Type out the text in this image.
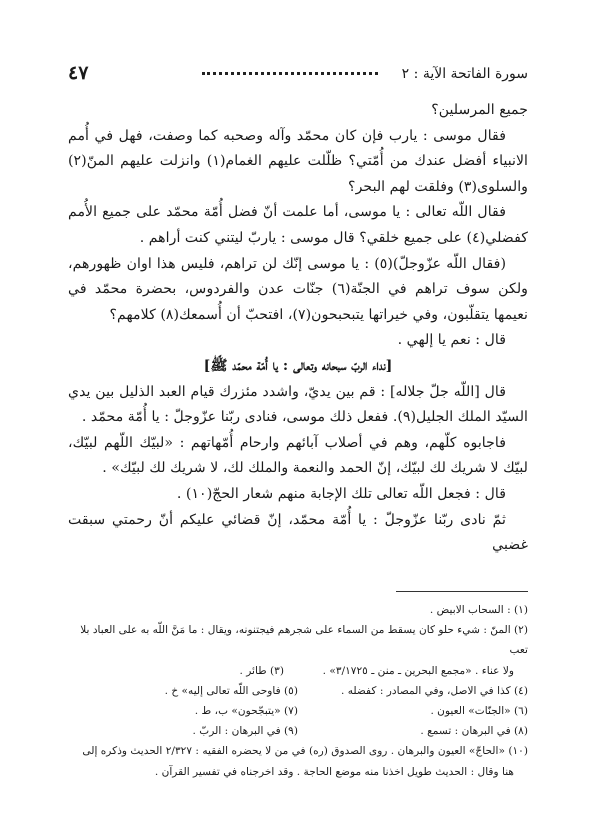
سورة الفاتحة الآية : ٢
٤٧

جميع المرسلين؟

فقال موسى : يارب فإن كان محمّد وآله وصحبه كما وصفت، فهل في أُمم الانبياء أفضل عندك من أُمّتي؟ ظلّلت عليهم الغمام(١) وانزلت عليهم المنّ(٢) والسلوى(٣) وفلقت لهم البحر؟

فقال اللّه تعالى : يا موسى، أما علمت أنّ فضل أُمّة محمّد على جميع الأُمم كفضلي(٤) على جميع خلقي؟ قال موسى : ياربّ ليتني كنت أراهم .

(فقال اللّه عزّوجلّ)(٥) : يا موسى إنّك لن تراهم، فليس هذا اوان ظهورهم، ولكن سوف تراهم في الجنّة(٦) جنّات عدن والفردوس، بحضرة محمّد في نعيمها يتقلّبون، وفي خيراتها يتبحبحون(٧)، افتحبّ أن أُسمعك(٨) كلامهم؟

قال : نعم يا إلهي .

[نداء الربّ سبحانه وتعالى : يا أُمّة محمّد ﷺ]

قال [اللّه جلّ جلاله] : قم بين يديّ، واشدد مئزرك قيام العبد الذليل بين يدي السيّد الملك الجليل(٩). ففعل ذلك موسى، فنادى ربّنا عزّوجلّ : يا أُمّة محمّد .

فاجابوه كلّهم، وهم في أصلاب آبائهم وارحام أُمّهاتهم : «لبيّك اللّهم لبيّك، لبيّك لا شريك لك لبيّك، إنّ الحمد والنعمة والملك لك، لا شريك لك لبيّك» .

قال : فجعل اللّه تعالى تلك الإجابة منهم شعار الحجّ(١٠) .

ثمّ نادى ربّنا عزّوجلّ : يا أُمّة محمّد، إنّ قضائي عليكم أنّ رحمتي سبقت غضبي

(١) : السحاب الابيض .

(٢) المنّ : شيء حلو كان يسقط من السماء على شجرهم فيجتنونه، ويقال : ما مَنَّ اللّه به على العباد بلا تعب

ولا عناء . «مجمع البحرين ـ منن ـ ٣/١٧٢٥» .
(٣) طائر .
(٤) كذا في الاصل، وفي المصادر : كفضله .
(٥) فاوحى اللّه تعالى إليه» خ .
(٦) «الجنّات» العيون .
(٧) «يتبجّحون» ب، ط .
(٨) في البرهان : تسمع .
(٩) في البرهان : الربّ .

(١٠) «الحاجّ» العيون والبرهان . روى الصدوق (ره) في من لا يحضره الفقيه : ٢/٣٢٧ الحديث وذكره إلى

هنا وقال : الحديث طويل اخذنا منه موضع الحاجة . وقد اخرجناه في تفسير القرآن .
